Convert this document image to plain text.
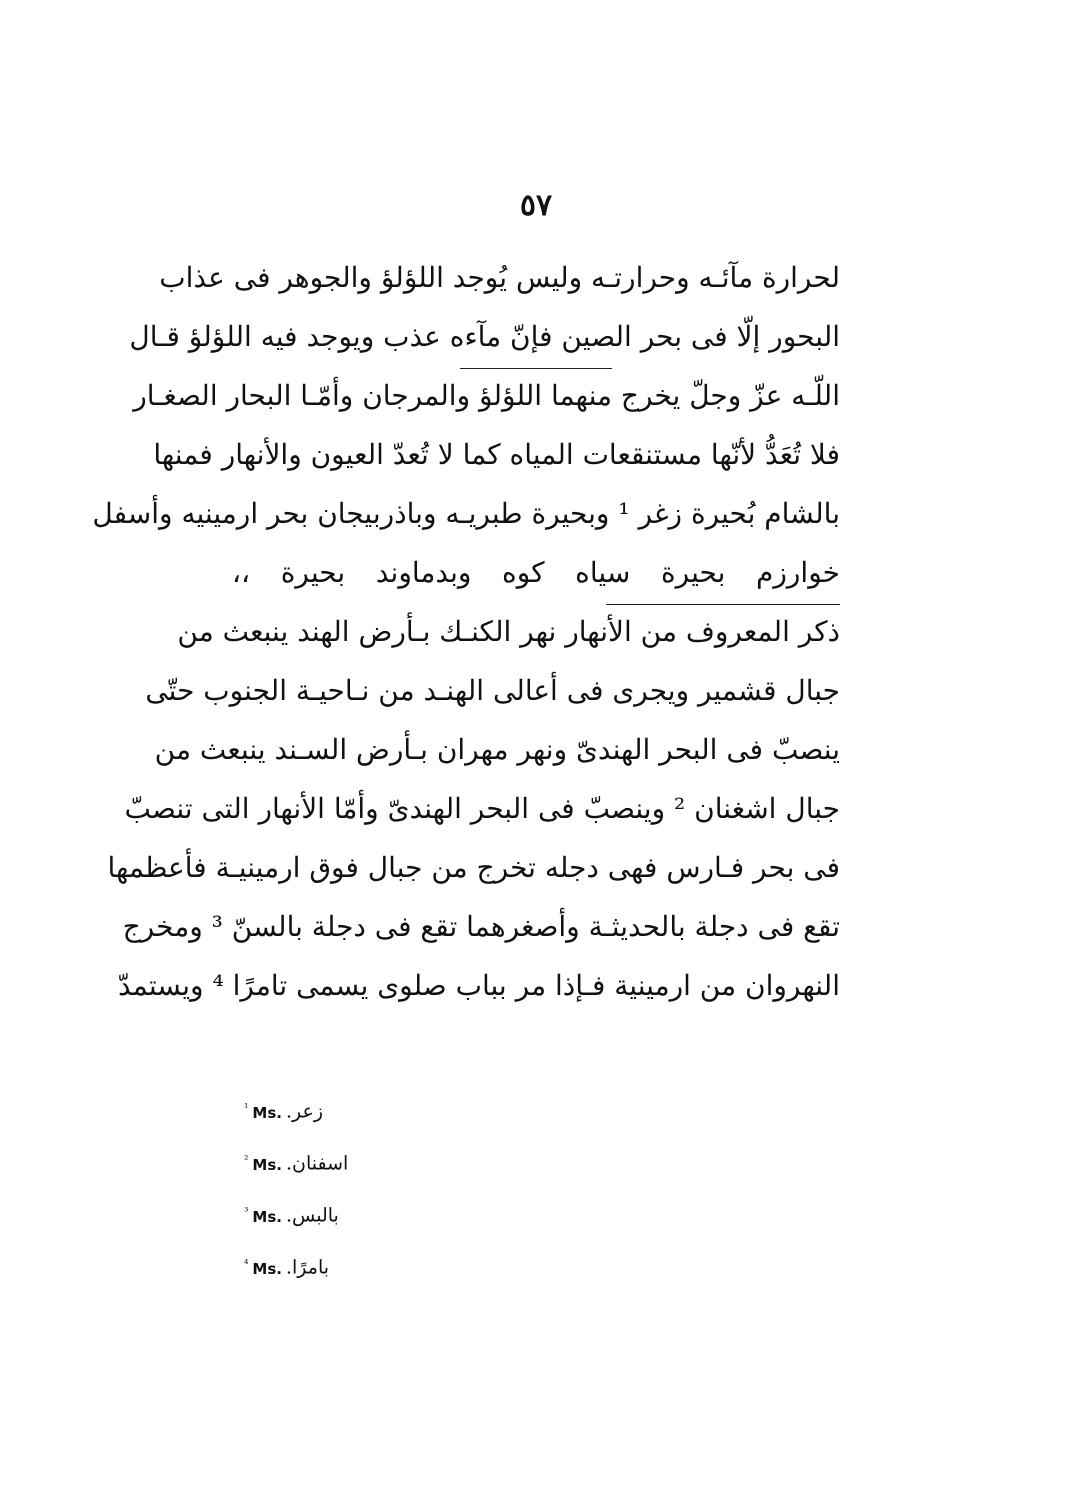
٥٧
لحرارة مآئـه وحرارتـه وليس يُوجد اللؤلؤ والجوهر فى عذاب
البحور إلّا فى بحر الصين فإنّ مآءه عذب ويوجد فيه اللؤلؤ قـال
اللّـه عزّ وجلّ يخرج منهما اللؤلؤ والمرجان وأمّـا البحار الصغـار
فلا تُعَدُّ لأنّها مستنقعات المياه كما لا تُعدّ العيون والأنهار فمنها
بالشام بُحيرة زغر ¹ وبحيرة طبريـه وباذربيجان بحر ارمينيه وأسفل
خوارزم بحيرة سياه كوه وبدماوند بحيرة ،،
ذكر المعروف من الأنهار نهر الكنـك بـأرض الهند ينبعث من
جبال قشمير ويجرى فى أعالى الهنـد من نـاحيـة الجنوب حتّى
ينصبّ فى البحر الهندىّ ونهر مهران بـأرض السـند ينبعث من
جبال اشغنان ² وينصبّ فى البحر الهندىّ وأمّا الأنهار التى تنصبّ
فى بحر فـارس فهى دجله تخرج من جبال فوق ارمينيـة فأعظمها
تقع فى دجلة بالحديثـة وأصغرهما تقع فى دجلة بالسنّ ³ ومخرج
النهروان من ارمينية فـإذا مر بباب صلوى يسمى تامرًا ⁴ ويستمدّ
$^{^1}$ Ms. زعر.
$^{^2}$ Ms. اسفنان.
$^{^3}$ Ms. بالبس.
$^{^4}$ Ms. بامرًا.
